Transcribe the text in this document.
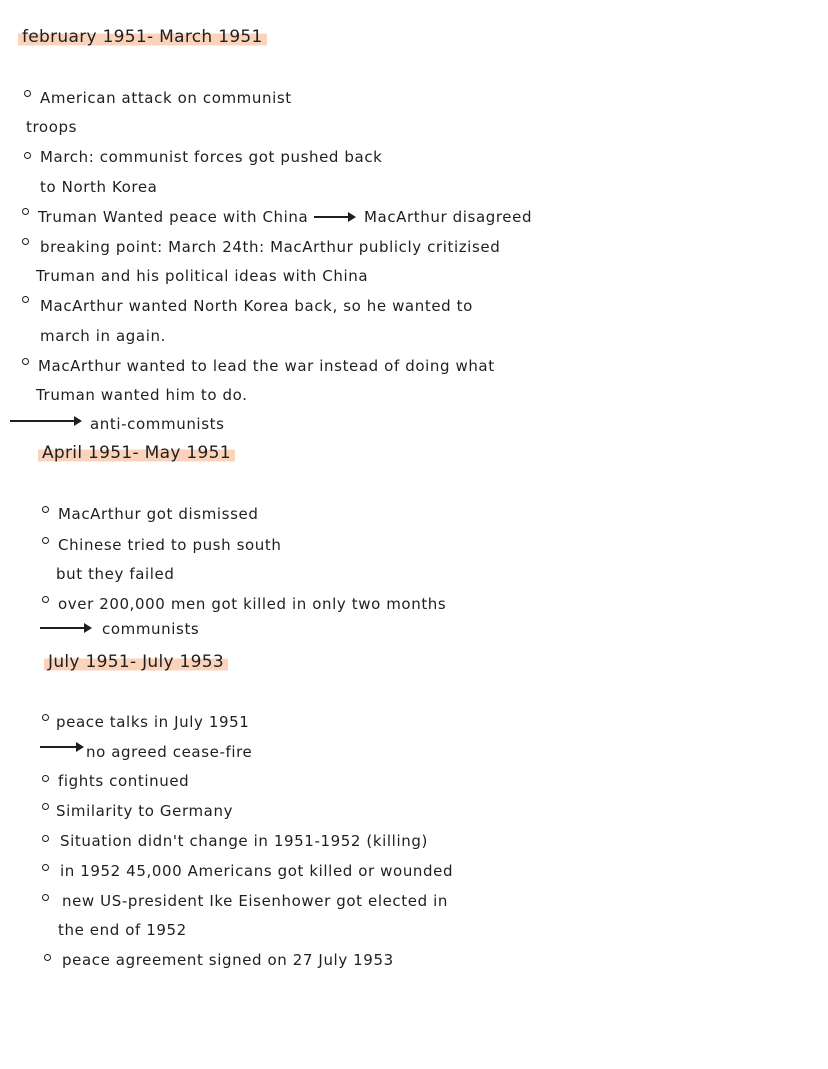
february 1951- March 1951
American attack on communist
troops
March: communist forces got pushed back
to North Korea
Truman Wanted peace with China	MacArthur disagreed
breaking point: March 24th: MacArthur publicly critizised
Truman and his political ideas with China
MacArthur wanted North Korea back, so he wanted to
march in again.
MacArthur wanted to lead the war instead of doing what
Truman wanted him to do.
anti-communists
April 1951- May 1951
MacArthur got dismissed
Chinese tried to push south
but they failed
over 200,000 men got killed in only two months
communists
July 1951- July 1953
peace talks in July 1951
no agreed cease-fire
fights continued
Similarity to Germany
Situation didn't change in 1951-1952 (killing)
in 1952 45,000 Americans got killed or wounded
new US-president Ike Eisenhower got elected in
the end of 1952
peace agreement signed on 27 July 1953
